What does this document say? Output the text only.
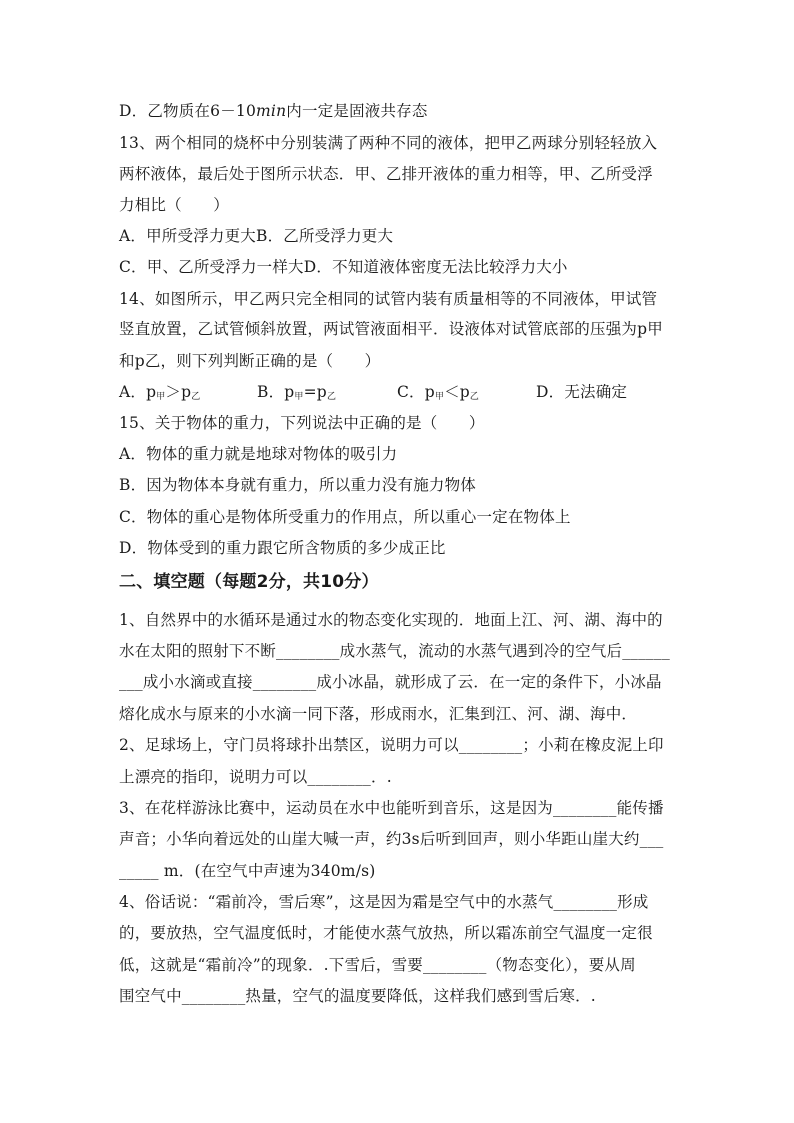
D．乙物质在6－10min内一定是固液共存态
13、两个相同的烧杯中分别装满了两种不同的液体，把甲乙两球分别轻轻放入
两杯液体，最后处于图所示状态．甲、乙排开液体的重力相等，甲、乙所受浮
力相比（　　）
A．甲所受浮力更大B．乙所受浮力更大
C．甲、乙所受浮力一样大D．不知道液体密度无法比较浮力大小
14、如图所示，甲乙两只完全相同的试管内装有质量相等的不同液体，甲试管
竖直放置，乙试管倾斜放置，两试管液面相平．设液体对试管底部的压强为p甲
和p乙，则下列判断正确的是（　　）
A．$p_甲>p_乙$	B．$p_甲=p_乙$	C．$p_甲<p_乙$	D．无法确定
15、关于物体的重力，下列说法中正确的是（　　）
A．物体的重力就是地球对物体的吸引力
B．因为物体本身就有重力，所以重力没有施力物体
C．物体的重心是物体所受重力的作用点，所以重心一定在物体上
D．物体受到的重力跟它所含物质的多少成正比
二、填空题（每题2分，共10分）
1、自然界中的水循环是通过水的物态变化实现的．地面上江、河、湖、海中的
水在太阳的照射下不断________成水蒸气，流动的水蒸气遇到冷的空气后______
___成小水滴或直接________成小冰晶，就形成了云．在一定的条件下，小冰晶
熔化成水与原来的小水滴一同下落，形成雨水，汇集到江、河、湖、海中．
2、足球场上，守门员将球扑出禁区，说明力可以________；小莉在橡皮泥上印
上漂亮的指印，说明力可以________．.
3、在花样游泳比赛中，运动员在水中也能听到音乐，这是因为________能传播
声音；小华向着远处的山崖大喊一声，约3s后听到回声，则小华距山崖大约___
_____ m．(在空气中声速为340m/s)
4、俗话说：“霜前冷，雪后寒”，这是因为霜是空气中的水蒸气________形成
的，要放热，空气温度低时，才能使水蒸气放热，所以霜冻前空气温度一定很
低，这就是“霜前冷”的现象．.下雪后，雪要________（物态变化），要从周
围空气中________热量，空气的温度要降低，这样我们感到雪后寒．.
